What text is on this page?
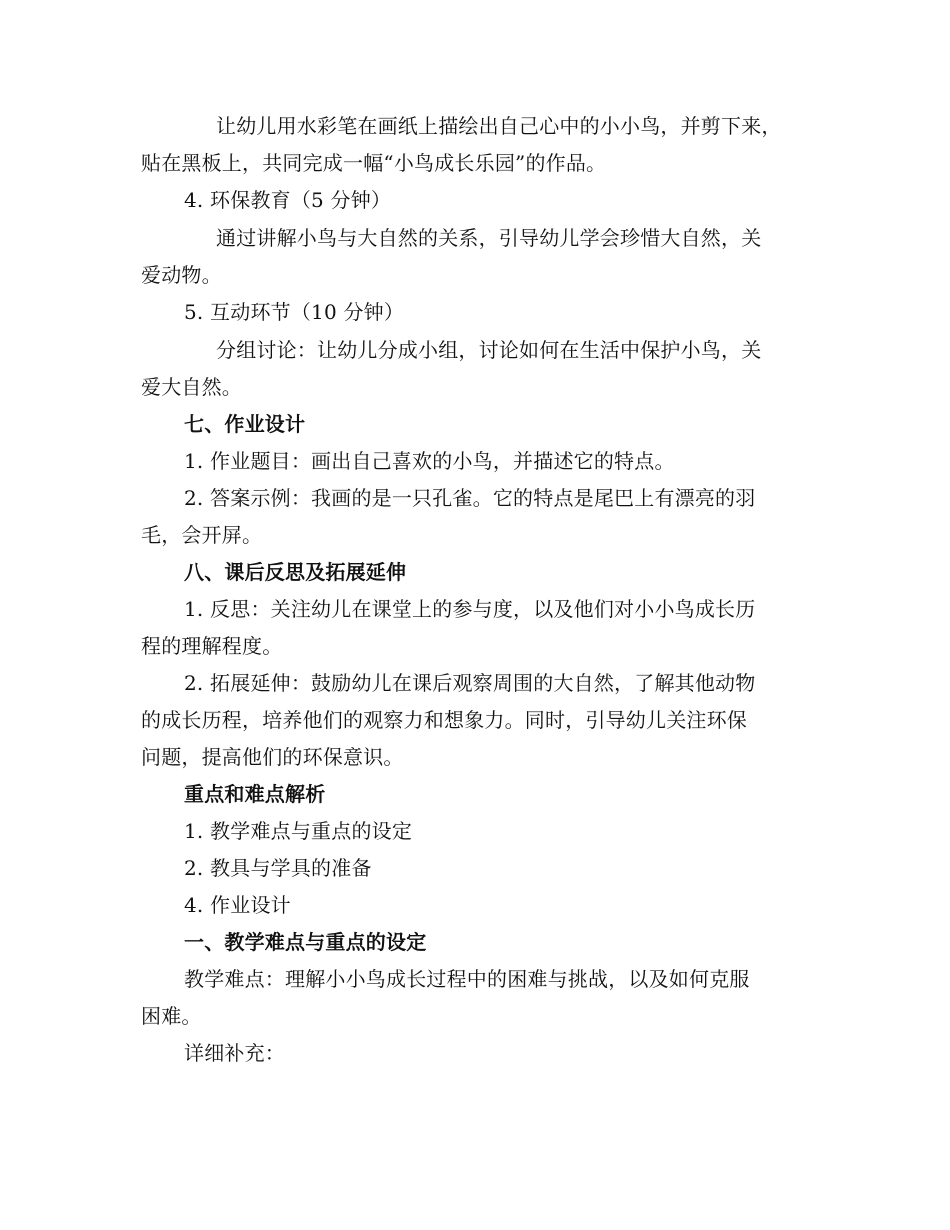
让幼儿用水彩笔在画纸上描绘出自己心中的小小鸟，并剪下来，
贴在黑板上，共同完成一幅“小鸟成长乐园”的作品。
4. 环保教育（5 分钟）
通过讲解小鸟与大自然的关系，引导幼儿学会珍惜大自然，关
爱动物。
5. 互动环节（10 分钟）
分组讨论：让幼儿分成小组，讨论如何在生活中保护小鸟，关
爱大自然。
七、作业设计
1. 作业题目：画出自己喜欢的小鸟，并描述它的特点。
2. 答案示例：我画的是一只孔雀。它的特点是尾巴上有漂亮的羽
毛，会开屏。
八、课后反思及拓展延伸
1. 反思：关注幼儿在课堂上的参与度，以及他们对小小鸟成长历
程的理解程度。
2. 拓展延伸：鼓励幼儿在课后观察周围的大自然，了解其他动物
的成长历程，培养他们的观察力和想象力。同时，引导幼儿关注环保
问题，提高他们的环保意识。
重点和难点解析
1. 教学难点与重点的设定
2. 教具与学具的准备
4. 作业设计
一、教学难点与重点的设定
教学难点：理解小小鸟成长过程中的困难与挑战，以及如何克服
困难。
详细补充：
